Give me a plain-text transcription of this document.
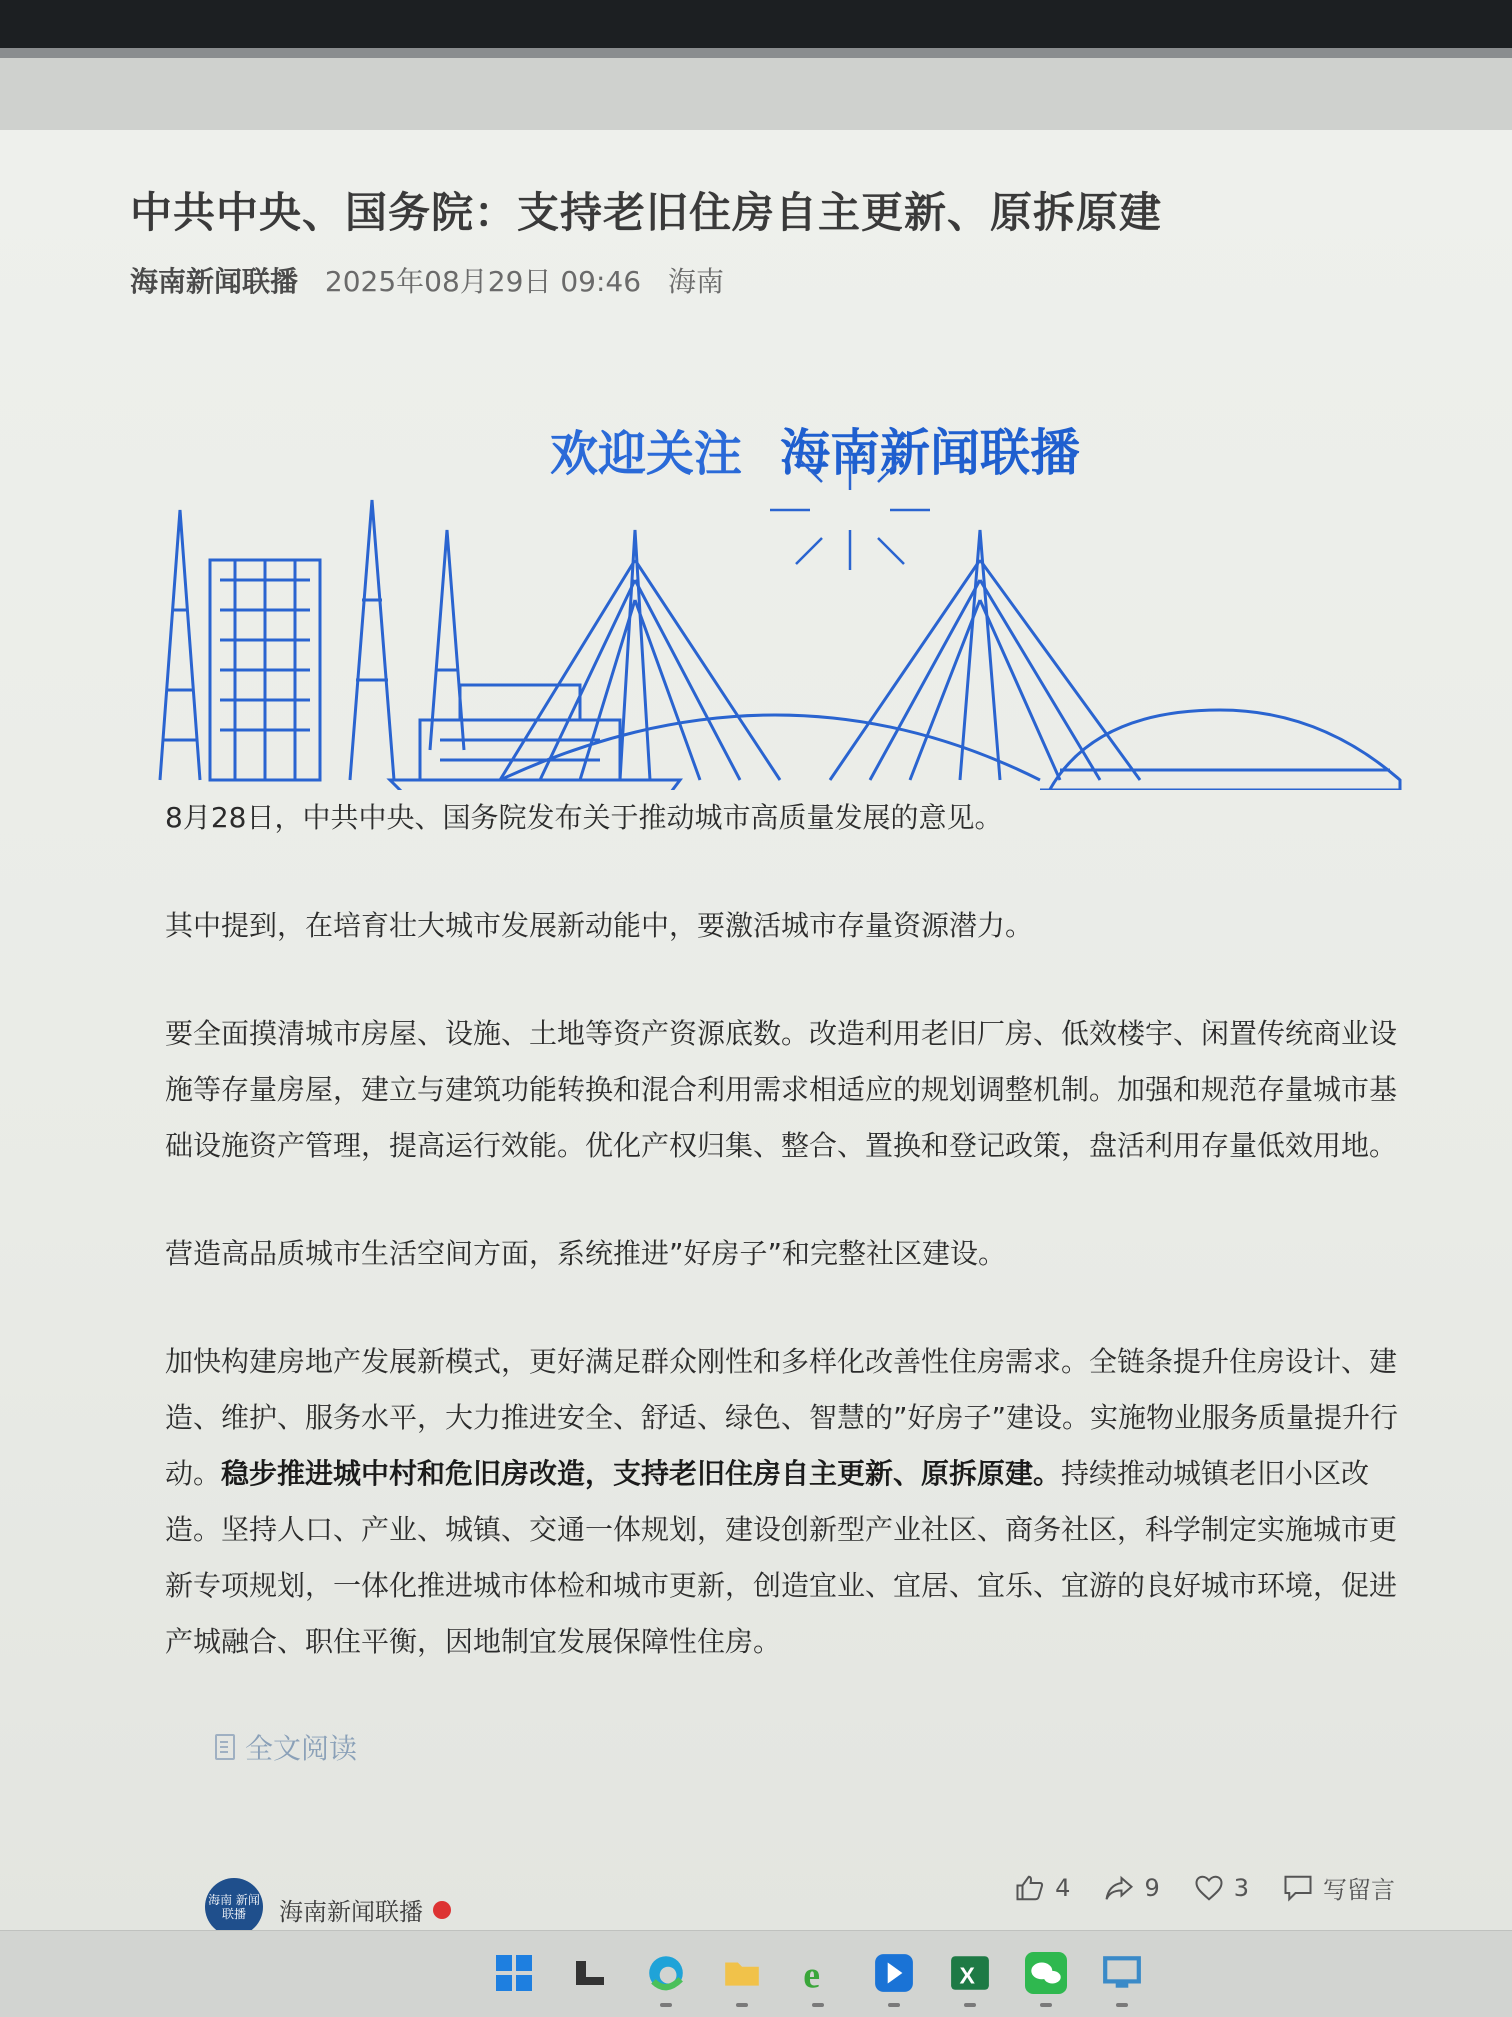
中共中央、国务院：支持老旧住房自主更新、原拆原建
海南新闻联播 2025年08月29日 09:46 海南
欢迎关注 海南新闻联播

8月28日，中共中央、国务院发布关于推动城市高质量发展的意见。

其中提到，在培育壮大城市发展新动能中，要激活城市存量资源潜力。

要全面摸清城市房屋、设施、土地等资产资源底数。改造利用老旧厂房、低效楼宇、闲置传统商业设施等存量房屋，建立与建筑功能转换和混合利用需求相适应的规划调整机制。加强和规范存量城市基础设施资产管理，提高运行效能。优化产权归集、整合、置换和登记政策，盘活利用存量低效用地。

营造高品质城市生活空间方面，系统推进”好房子”和完整社区建设。

加快构建房地产发展新模式，更好满足群众刚性和多样化改善性住房需求。全链条提升住房设计、建造、维护、服务水平，大力推进安全、舒适、绿色、智慧的”好房子”建设。实施物业服务质量提升行动。稳步推进城中村和危旧房改造，支持老旧住房自主更新、原拆原建。持续推动城镇老旧小区改造。坚持人口、产业、城镇、交通一体规划，建设创新型产业社区、商务社区，科学制定实施城市更新专项规划，一体化推进城市体检和城市更新，创造宜业、宜居、宜乐、宜游的良好城市环境，促进产城融合、职住平衡，因地制宜发展保障性住房。

全文阅读
海南 新闻联播	海南新闻联播
4	9	3	写留言
e	X
